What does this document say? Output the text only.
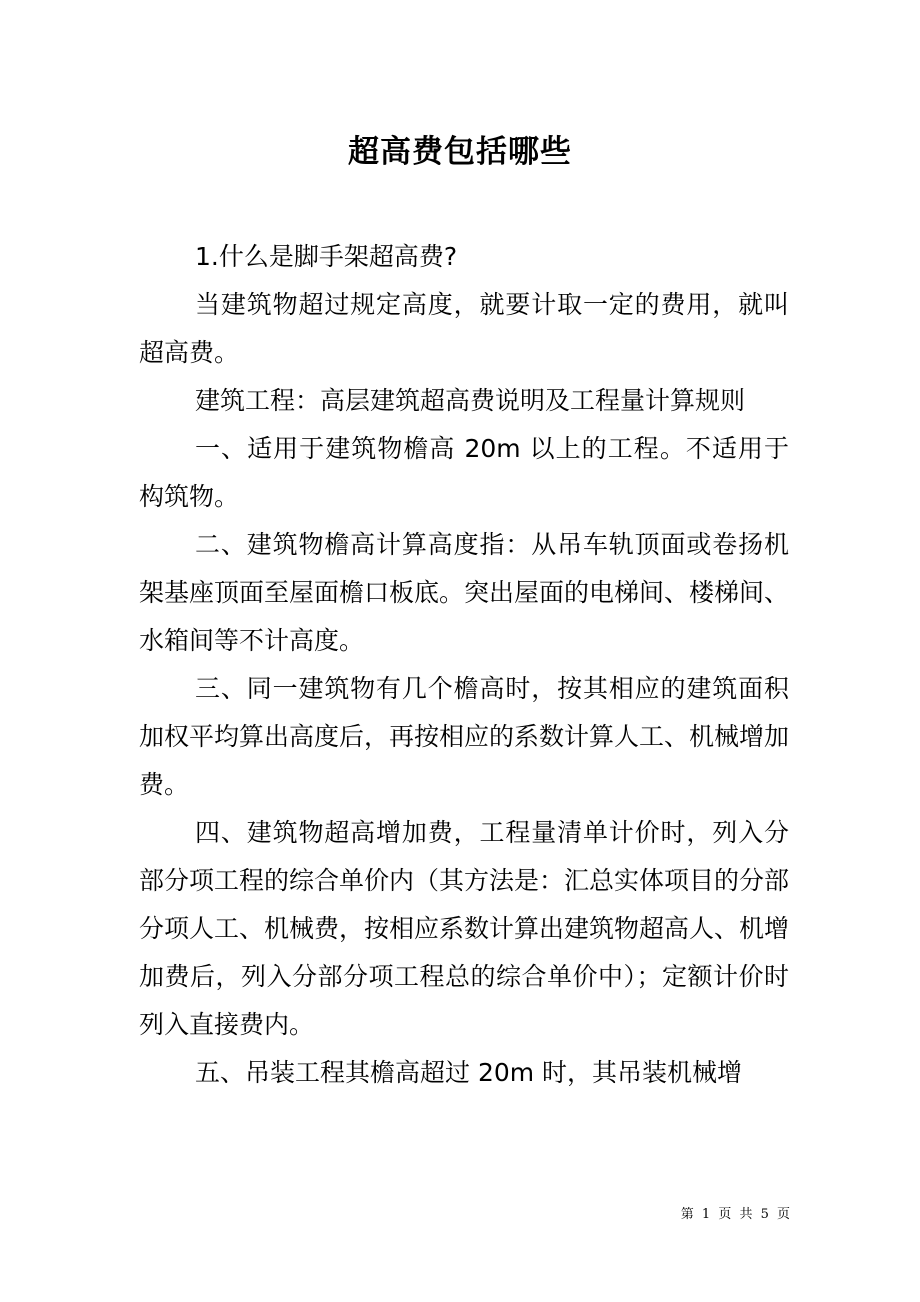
超高费包括哪些

1.什么是脚手架超高费?

当建筑物超过规定高度，就要计取一定的费用，就叫超高费。

建筑工程：高层建筑超高费说明及工程量计算规则

一、适用于建筑物檐高 20m 以上的工程。不适用于构筑物。

二、建筑物檐高计算高度指：从吊车轨顶面或卷扬机架基座顶面至屋面檐口板底。突出屋面的电梯间、楼梯间、水箱间等不计高度。

三、同一建筑物有几个檐高时，按其相应的建筑面积加权平均算出高度后，再按相应的系数计算人工、机械增加费。

四、建筑物超高增加费，工程量清单计价时，列入分部分项工程的综合单价内（其方法是：汇总实体项目的分部分项人工、机械费，按相应系数计算出建筑物超高人、机增加费后，列入分部分项工程总的综合单价中）；定额计价时列入直接费内。

五、吊装工程其檐高超过 20m 时，其吊装机械增

第 1 页 共 5 页
